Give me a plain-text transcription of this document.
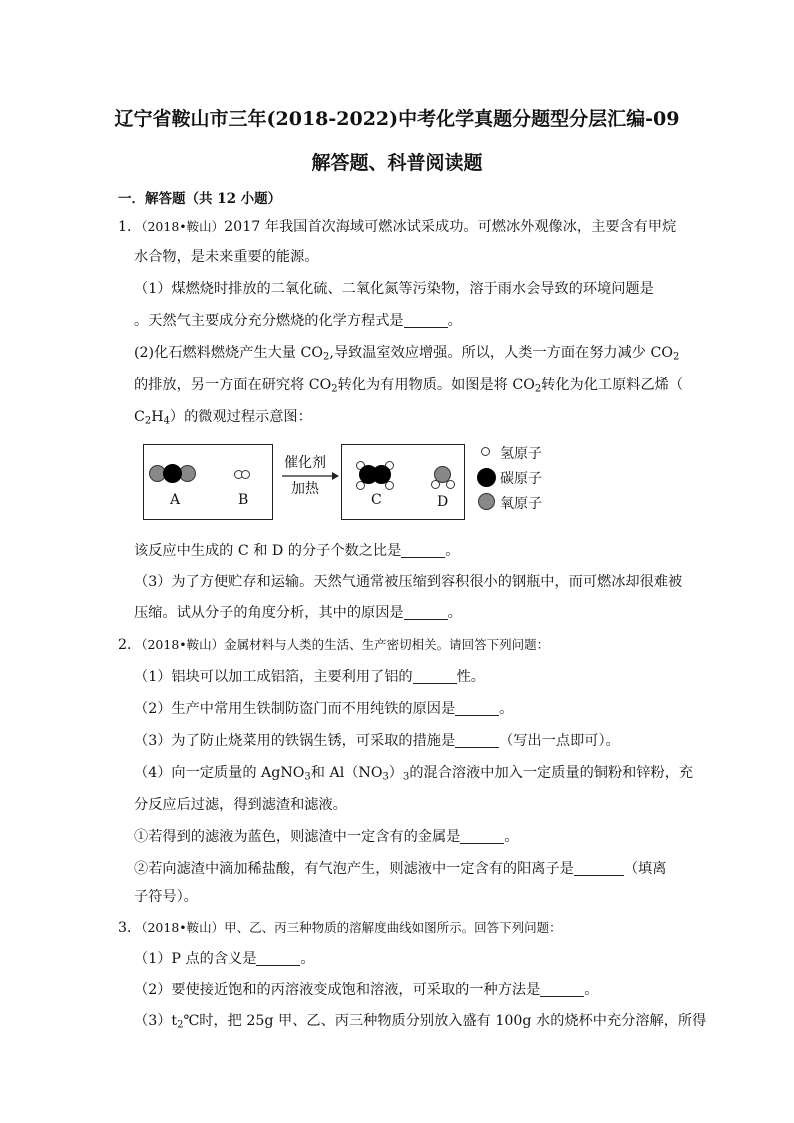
辽宁省鞍山市三年(2018-2022)中考化学真题分题型分层汇编-09
解答题、科普阅读题
一．解答题（共 12 小题）
1．（2018•鞍山）2017 年我国首次海域可燃冰试采成功。可燃冰外观像冰，主要含有甲烷
水合物，是未来重要的能源。
（1）煤燃烧时排放的二氧化硫、二氧化氮等污染物，溶于雨水会导致的环境问题是
。天然气主要成分充分燃烧的化学方程式是	。
(2)化石燃料燃烧产生大量 $CO_2$,导致温室效应增强。所以，人类一方面在努力减少 $CO_2$
的排放，另一方面在研究将 $CO_2$转化为有用物质。如图是将 $CO_2$转化为化工原料乙烯（
$C_2H_4$）的微观过程示意图：
A	B
催化剂
加热
C	D
氢原子
碳原子
氧原子
该反应中生成的 C 和 D 的分子个数之比是	。
（3）为了方便贮存和运输。天然气通常被压缩到容积很小的钢瓶中，而可燃冰却很难被
压缩。试从分子的角度分析，其中的原因是	。
2．（2018•鞍山）金属材料与人类的生活、生产密切相关。请回答下列问题：
（1）铝块可以加工成铝箔，主要利用了铝的	性。
（2）生产中常用生铁制防盗门而不用纯铁的原因是	。
（3）为了防止烧菜用的铁锅生锈，可采取的措施是	（写出一点即可）。
（4）向一定质量的 AgNO$_3$和 $Al(NO_3)_3$的混合溶液中加入一定质量的铜粉和锌粉，充
分反应后过滤，得到滤渣和滤液。
①若得到的滤液为蓝色，则滤渣中一定含有的金属是	。
②若向滤渣中滴加稀盐酸，有气泡产生，则滤液中一定含有的阳离子是	（填离
子符号）。
3．（2018•鞍山）甲、乙、丙三种物质的溶解度曲线如图所示。回答下列问题：
（1）P 点的含义是	。
（2）要使接近饱和的丙溶液变成饱和溶液，可采取的一种方法是	。
$(3)t_2℃$时，把 25g 甲、乙、丙三种物质分别放入盛有 100g 水的烧杯中充分溶解，所得
